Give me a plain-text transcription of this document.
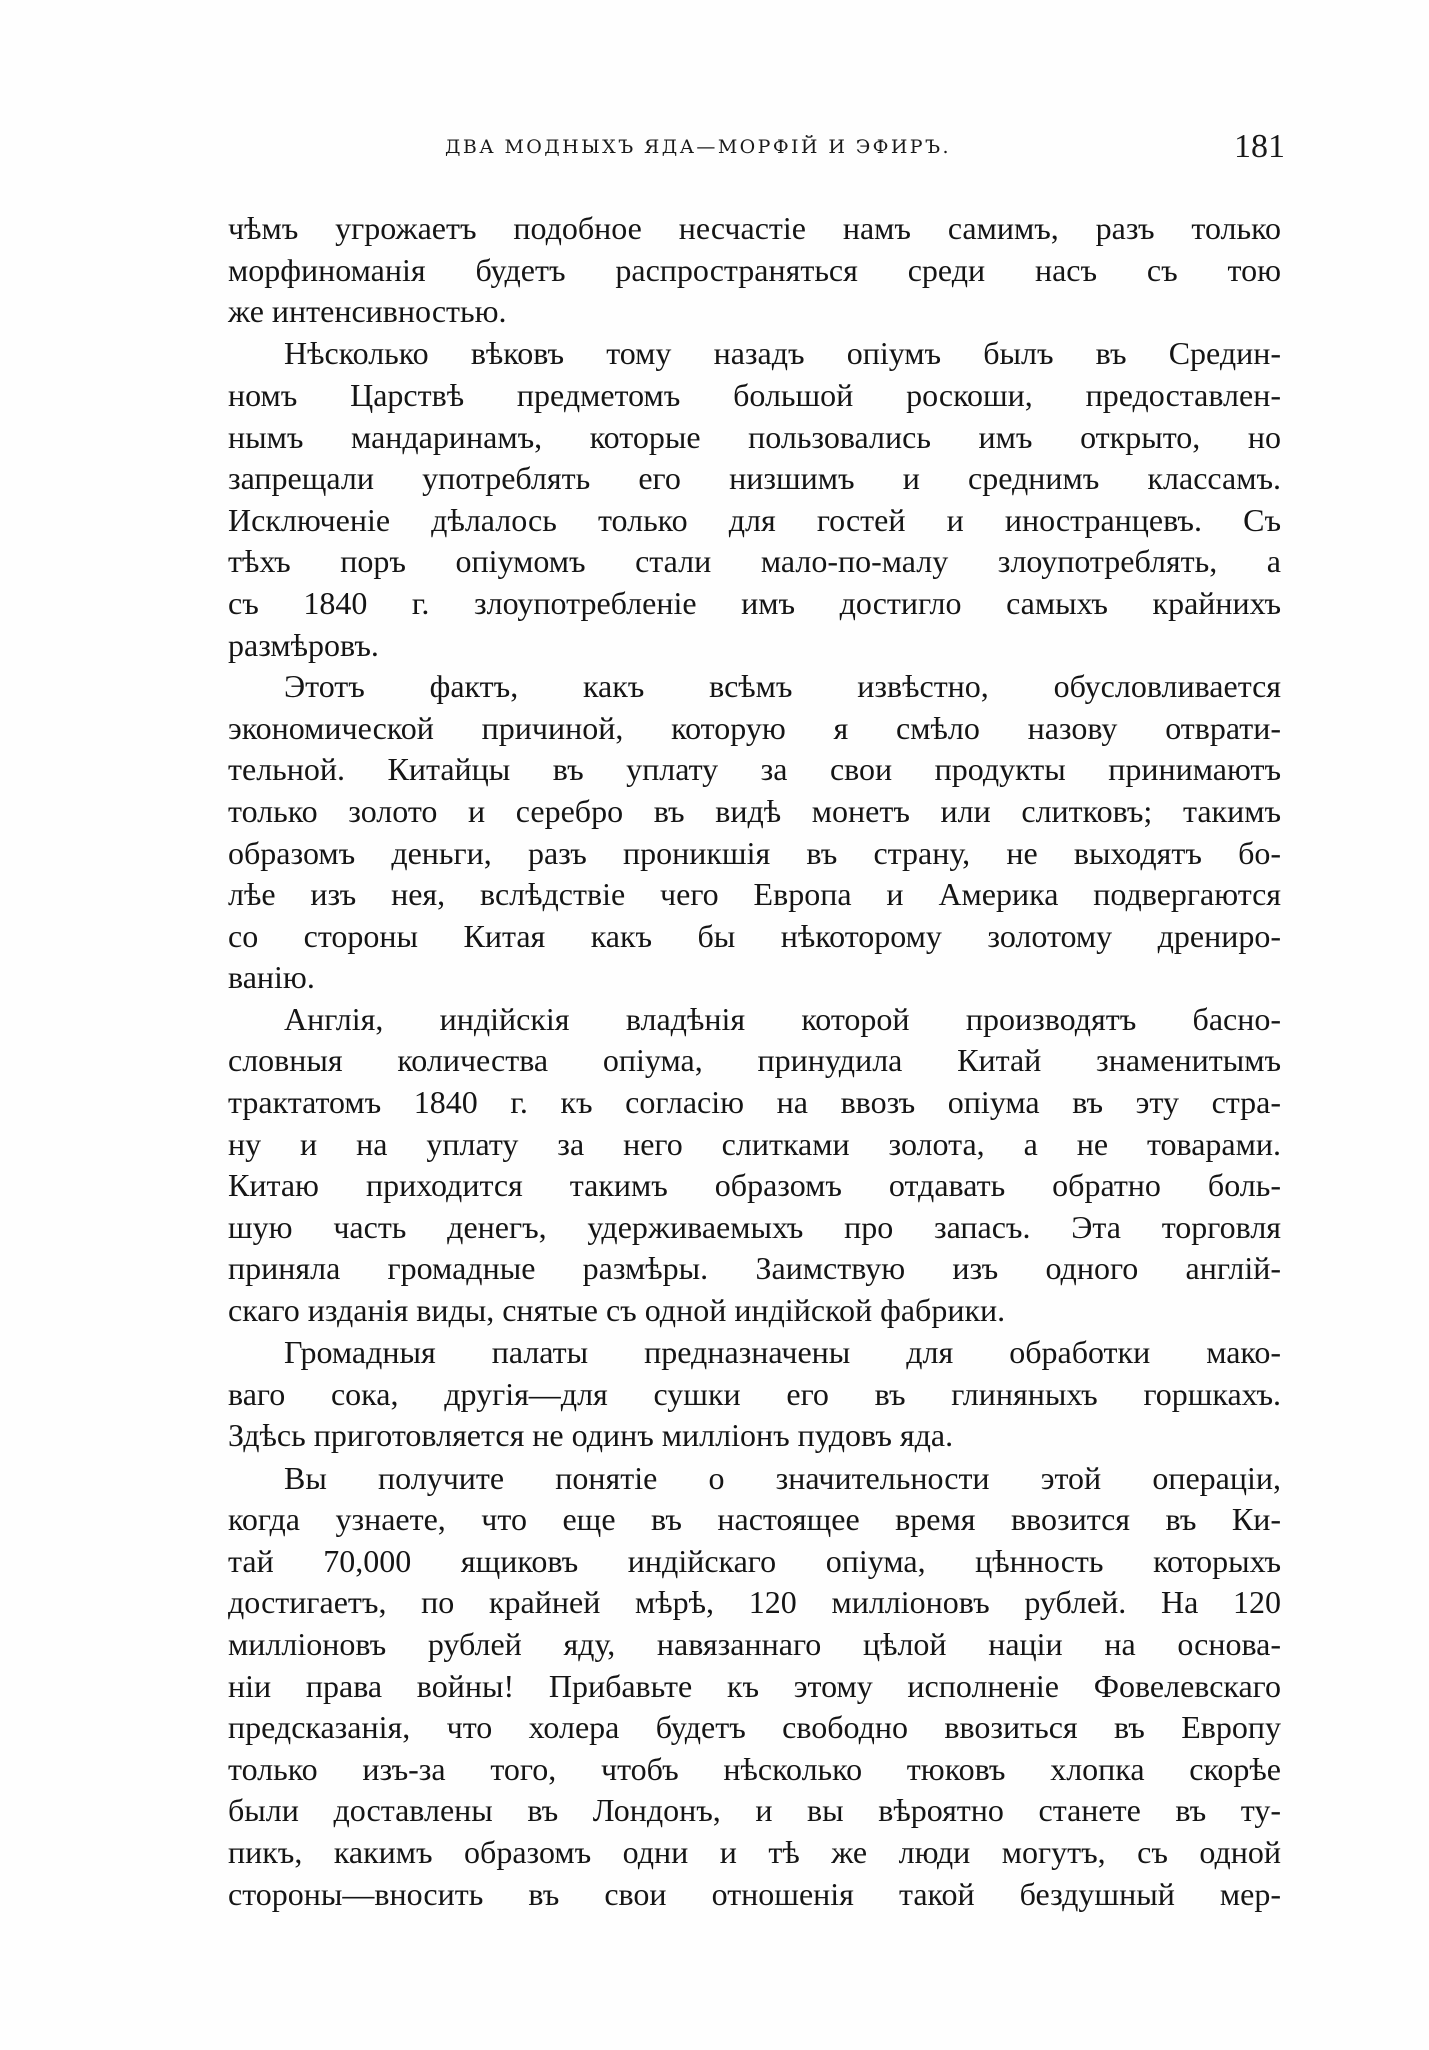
ДВА МОДНЫХЪ ЯДА—МОРФІЙ И ЭФИРЪ.	181
чѣмъ угрожаетъ подобное несчастіе намъ самимъ, разъ только
морфиноманія будетъ распространяться среди насъ съ тою
же интенсивностью.
Нѣсколько вѣковъ тому назадъ опіумъ былъ въ Средин-
номъ Царствѣ предметомъ большой роскоши, предоставлен-
нымъ мандаринамъ, которые пользовались имъ открыто, но
запрещали употреблять его низшимъ и среднимъ классамъ.
Исключеніе дѣлалось только для гостей и иностранцевъ. Съ
тѣхъ поръ опіумомъ стали мало-по-малу злоупотреблять, а
съ 1840 г. злоупотребленіе имъ достигло самыхъ крайнихъ
размѣровъ.
Этотъ фактъ, какъ всѣмъ извѣстно, обусловливается
экономической причиной, которую я смѣло назову отврати-
тельной. Китайцы въ уплату за свои продукты принимаютъ
только золото и серебро въ видѣ монетъ или слитковъ; такимъ
образомъ деньги, разъ проникшія въ страну, не выходятъ бо-
лѣе изъ нея, вслѣдствіе чего Европа и Америка подвергаются
со стороны Китая какъ бы нѣкоторому золотому дрениро-
ванію.
Англія, индійскія владѣнія которой производятъ басно-
словныя количества опіума, принудила Китай знаменитымъ
трактатомъ 1840 г. къ согласію на ввозъ опіума въ эту стра-
ну и на уплату за него слитками золота, а не товарами.
Китаю приходится такимъ образомъ отдавать обратно боль-
шую часть денегъ, удерживаемыхъ про запасъ. Эта торговля
приняла громадные размѣры. Заимствую изъ одного англій-
скаго изданія виды, снятые съ одной индійской фабрики.
Громадныя палаты предназначены для обработки мако-
ваго сока, другія—для сушки его въ глиняныхъ горшкахъ.
Здѣсь приготовляется не одинъ милліонъ пудовъ яда.
Вы получите понятіе о значительности этой операціи,
когда узнаете, что еще въ настоящее время ввозится въ Ки-
тай 70,000 ящиковъ индійскаго опіума, цѣнность которыхъ
достигаетъ, по крайней мѣрѣ, 120 милліоновъ рублей. На 120
милліоновъ рублей яду, навязаннаго цѣлой націи на основа-
ніи права войны! Прибавьте къ этому исполненіе Фовелевскаго
предсказанія, что холера будетъ свободно ввозиться въ Европу
только изъ-за того, чтобъ нѣсколько тюковъ хлопка скорѣе
были доставлены въ Лондонъ, и вы вѣроятно станете въ ту-
пикъ, какимъ образомъ одни и тѣ же люди могутъ, съ одной
стороны—вносить въ свои отношенія такой бездушный мер-
